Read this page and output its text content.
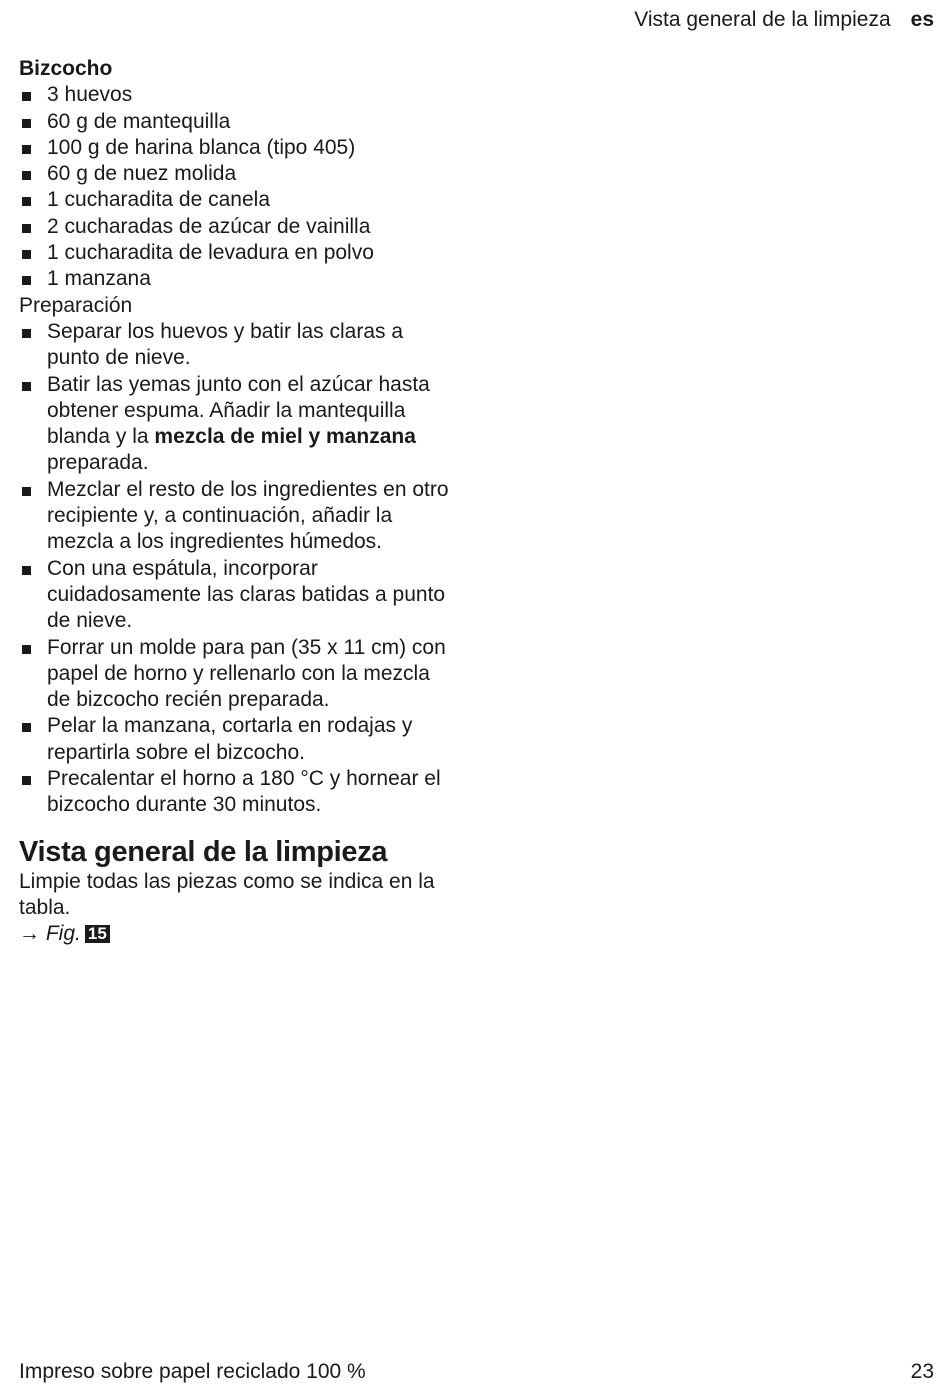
Vista general de la limpieza es

Bizcocho

3 huevos
60 g de mantequilla
100 g de harina blanca (tipo 405)
60 g de nuez molida
1 cucharadita de canela
2 cucharadas de azúcar de vainilla
1 cucharadita de levadura en polvo
1 manzana

Preparación

Separar los huevos y batir las claras a punto de nieve.
Batir las yemas junto con el azúcar hasta obtener espuma. Añadir la mantequilla blanda y la mezcla de miel y manzana preparada.
Mezclar el resto de los ingredientes en otro recipiente y, a continuación, añadir la mezcla a los ingredientes húmedos.
Con una espátula, incorporar cuidadosamente las claras batidas a punto de nieve.
Forrar un molde para pan (35 x 11 cm) con papel de horno y rellenarlo con la mezcla de bizcocho recién preparada.
Pelar la manzana, cortarla en rodajas y repartirla sobre el bizcocho.
Precalentar el horno a 180 °C y hornear el bizcocho durante 30 minutos.
Vista general de la limpieza

Limpie todas las piezas como se indica en la tabla.

→ Fig. 15

Impreso sobre papel reciclado 100 %	23
